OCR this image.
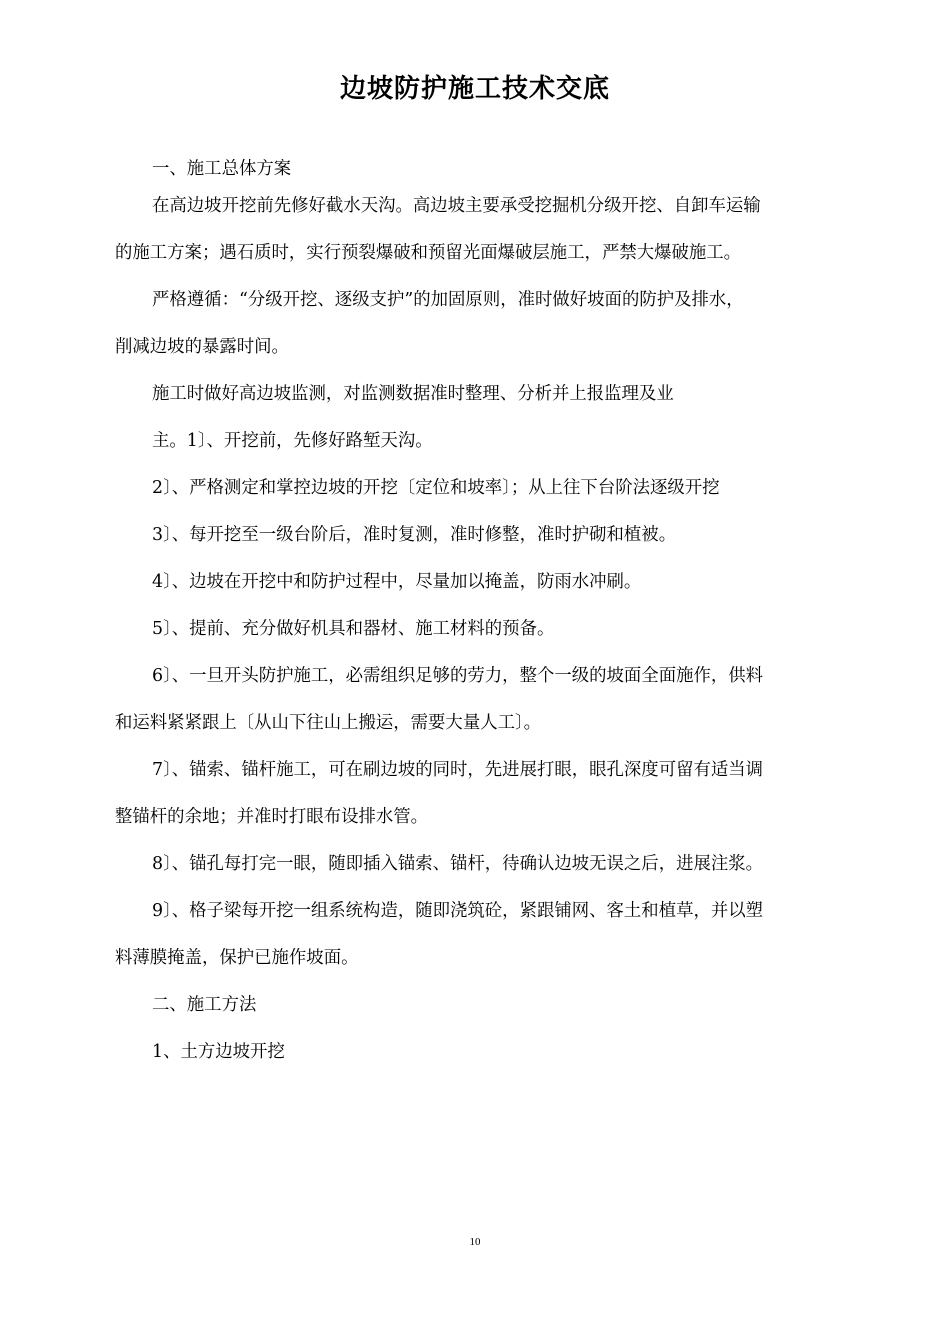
边坡防护施工技术交底
一、施工总体方案
在高边坡开挖前先修好截水天沟。高边坡主要承受挖掘机分级开挖、自卸车运输
的施工方案；遇石质时，实行预裂爆破和预留光面爆破层施工，严禁大爆破施工。
严格遵循：“分级开挖、逐级支护”的加固原则，准时做好坡面的防护及排水，
削减边坡的暴露时间。
施工时做好高边坡监测，对监测数据准时整理、分析并上报监理及业
主。1〕、开挖前，先修好路堑天沟。
2〕、严格测定和掌控边坡的开挖〔定位和坡率〕；从上往下台阶法逐级开挖
3〕、每开挖至一级台阶后，准时复测，准时修整，准时护砌和植被。
4〕、边坡在开挖中和防护过程中，尽量加以掩盖，防雨水冲刷。
5〕、提前、充分做好机具和器材、施工材料的预备。
6〕、一旦开头防护施工，必需组织足够的劳力，整个一级的坡面全面施作，供料
和运料紧紧跟上〔从山下往山上搬运，需要大量人工〕。
7〕、锚索、锚杆施工，可在刷边坡的同时，先进展打眼，眼孔深度可留有适当调
整锚杆的余地；并准时打眼布设排水管。
8〕、锚孔每打完一眼，随即插入锚索、锚杆，待确认边坡无误之后，进展注浆。
9〕、格子梁每开挖一组系统构造，随即浇筑砼，紧跟铺网、客土和植草，并以塑
料薄膜掩盖，保护已施作坡面。
二、施工方法
1、土方边坡开挖
10
